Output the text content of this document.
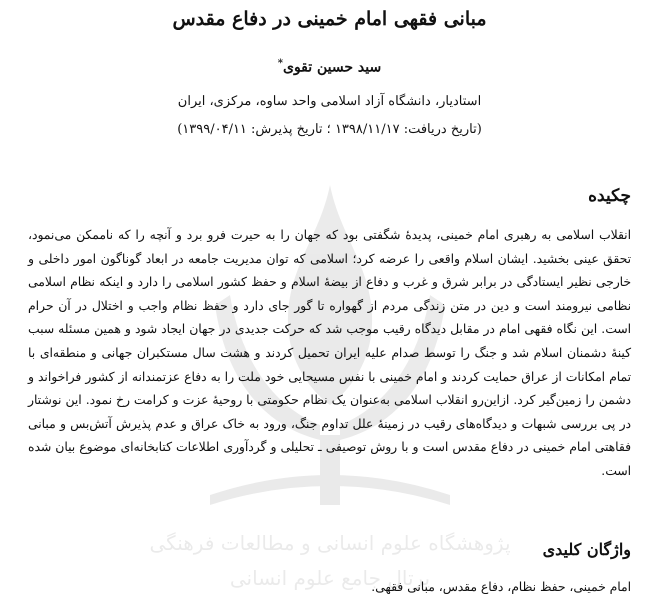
پژوهشگاه علوم انسانی و مطالعات فرهنگی
پرتال جامع علوم انسانی
مبانی فقهی امام خمینی در دفاع مقدس
سید حسین تقوی*
استادیار، دانشگاه آزاد اسلامی واحد ساوه، مرکزی، ایران
(تاریخ دریافت: ۱۳۹۸/۱۱/۱۷ ؛ تاریخ پذیرش: ۱۳۹۹/۰۴/۱۱)
چکیده

انقلاب اسلامی به رهبری امام خمینی، پدیدهٔ شگفتی بود که جهان را به حیرت فرو برد و آنچه را که ناممکن می‌نمود، تحقق عینی بخشید. ایشان اسلام واقعی را عرضه کرد؛ اسلامی که توان مدیریت جامعه در ابعاد گوناگون امور داخلی و خارجی نظیر ایستادگی در برابر شرق و غرب و دفاع از بیضهٔ اسلام و حفظ کشور اسلامی را دارد و اینکه نظام اسلامی نظامی نیرومند است و دین در متن زندگی مردم از گهواره تا گور جای دارد و حفظ نظام واجب و اختلال در آن حرام است. این نگاه فقهی امام در مقابل دیدگاه رقیب موجب شد که حرکت جدیدی در جهان ایجاد شود و همین مسئله سبب کینهٔ دشمنان اسلام شد و جنگ را توسط صدام علیه ایران تحمیل کردند و هشت سال مستکبران جهانی و منطقه‌ای با تمام امکانات از عراق حمایت کردند و امام خمینی با نفس مسیحایی خود ملت را به دفاع عزتمندانه از کشور فراخواند و دشمن را زمین‌گیر کرد. ازاین‌رو انقلاب اسلامی به‌عنوان یک نظام حکومتی با روحیهٔ عزت و کرامت رخ نمود. این نوشتار در پی بررسی شبهات و دیدگاه‌های رقیب در زمینهٔ علل تداوم جنگ، ورود به خاک عراق و عدم پذیرش آتش‌بس و مبانی فقاهتی امام خمینی در دفاع مقدس است و با روش توصیفی ـ تحلیلی و گردآوری اطلاعات کتابخانه‌ای موضوع بیان شده است.

واژگان کلیدی

امام خمینی، حفظ نظام، دفاع مقدس، مبانی فقهی.
